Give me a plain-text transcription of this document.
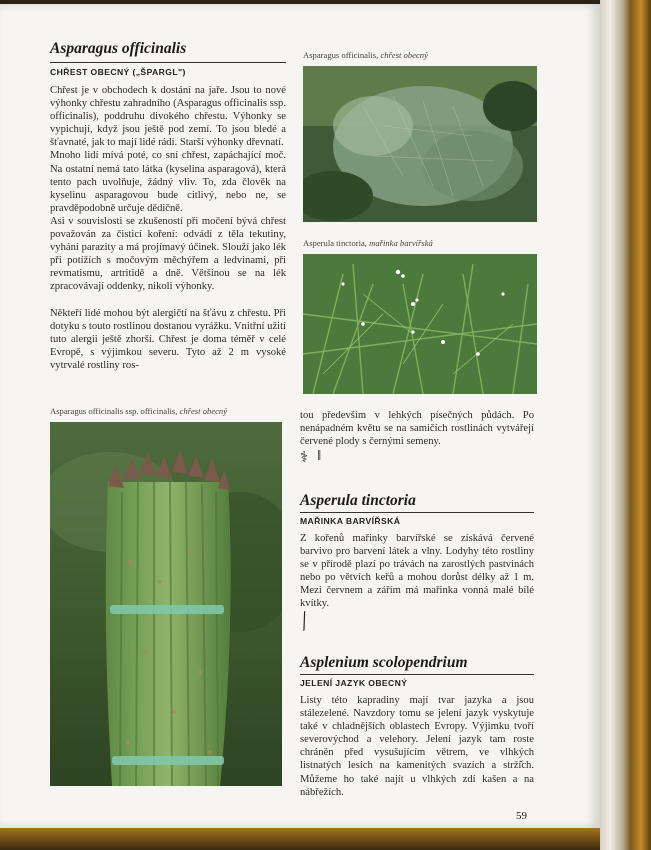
Asparagus officinalis
CHŘEST OBECNÝ („ŠPARGL")

Chřest je v obchodech k dostání na jaře. Jsou to nové výhonky chřestu zahradního (Asparagus officinalis ssp. officinalis), poddruhu divokého chřestu. Výhonky se vypichují, když jsou ještě pod zemí. To jsou bledé a šťavnaté, jak to mají lidé rádi. Starší výhonky dřevnatí.

Mnoho lidí mívá poté, co sní chřest, zapáchající moč. Na ostatní nemá tato látka (kyselina asparagová), která tento pach uvolňuje, žádný vliv. To, zda člověk na kyselinu asparagovou bude citlivý, nebo ne, se pravděpodobně určuje dědičně.

Asi v souvislosti se zkušeností při močení bývá chřest považován za čisticí koření: odvádí z těla tekutiny, vyhání parazity a má projímavý účinek. Slouží jako lék při potížích s močovým měchýřem a ledvinami, při revmatismu, artritidě a dně. Většinou se na lék zpracovávají oddenky, nikoli výhonky.

Někteří lidé mohou být alergičtí na šťávu z chřestu. Při dotyku s touto rostlinou dostanou vyrážku. Vnitřní užití tuto alergii ještě zhorší. Chřest je doma téměř v celé Evropě, s výjimkou severu. Tyto až 2 m vysoké vytrvalé rostliny ros-

Asparagus officinalis ssp. officinalis, chřest obecný
Asparagus officinalis, chřest obecný
Asperula tinctoria, mařinka barvířská
tou především v lehkých písečných půdách. Po nenápadném květu se na samičích rostlinách vytvářejí červené plody s černými semeny.
⚕ ‖
Asperula tinctoria
MAŘINKA BARVÍŘSKÁ

Z kořenů mařinky barvířské se získává červené barvivo pro barvení látek a vlny. Lodyhy této rostliny se v přírodě plazí po trávách na zarostlých pastvinách nebo po větvích keřů a mohou dorůst délky až 1 m. Mezi červnem a zářím má mařinka vonná malé bílé kvítky.

╱
Asplenium scolopendrium
JELENÍ JAZYK OBECNÝ

Listy této kapradiny mají tvar jazyka a jsou stálezelené. Navzdory tomu se jelení jazyk vyskytuje také v chladnějších oblastech Evropy. Výjimku tvoří severovýchod a velehory. Jelení jazyk tam roste chráněn před vysušujícím větrem, ve vlhkých listnatých lesích na kamenitých svazích a strží̌ch. Můžeme ho také najít u vlhkých zdí kašen a na nábřežích.

59
